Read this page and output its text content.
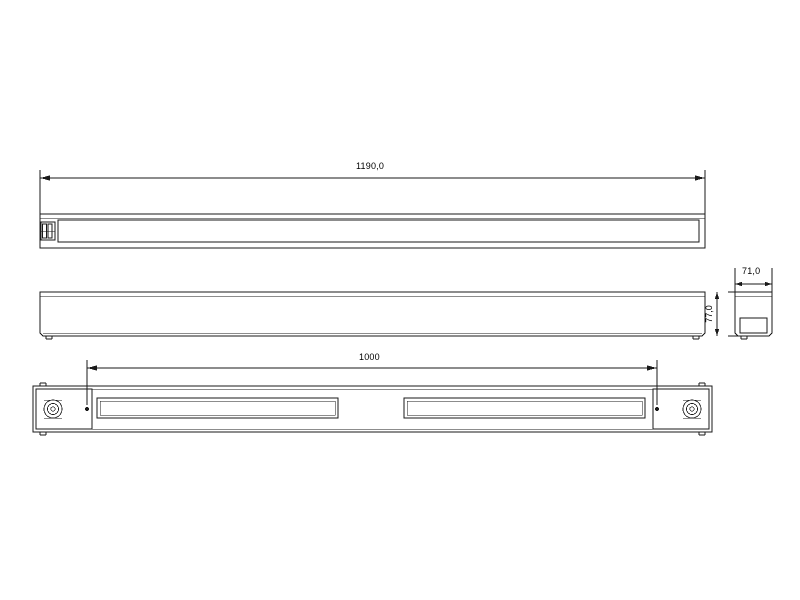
1190,0
1000
71,0
77,0
